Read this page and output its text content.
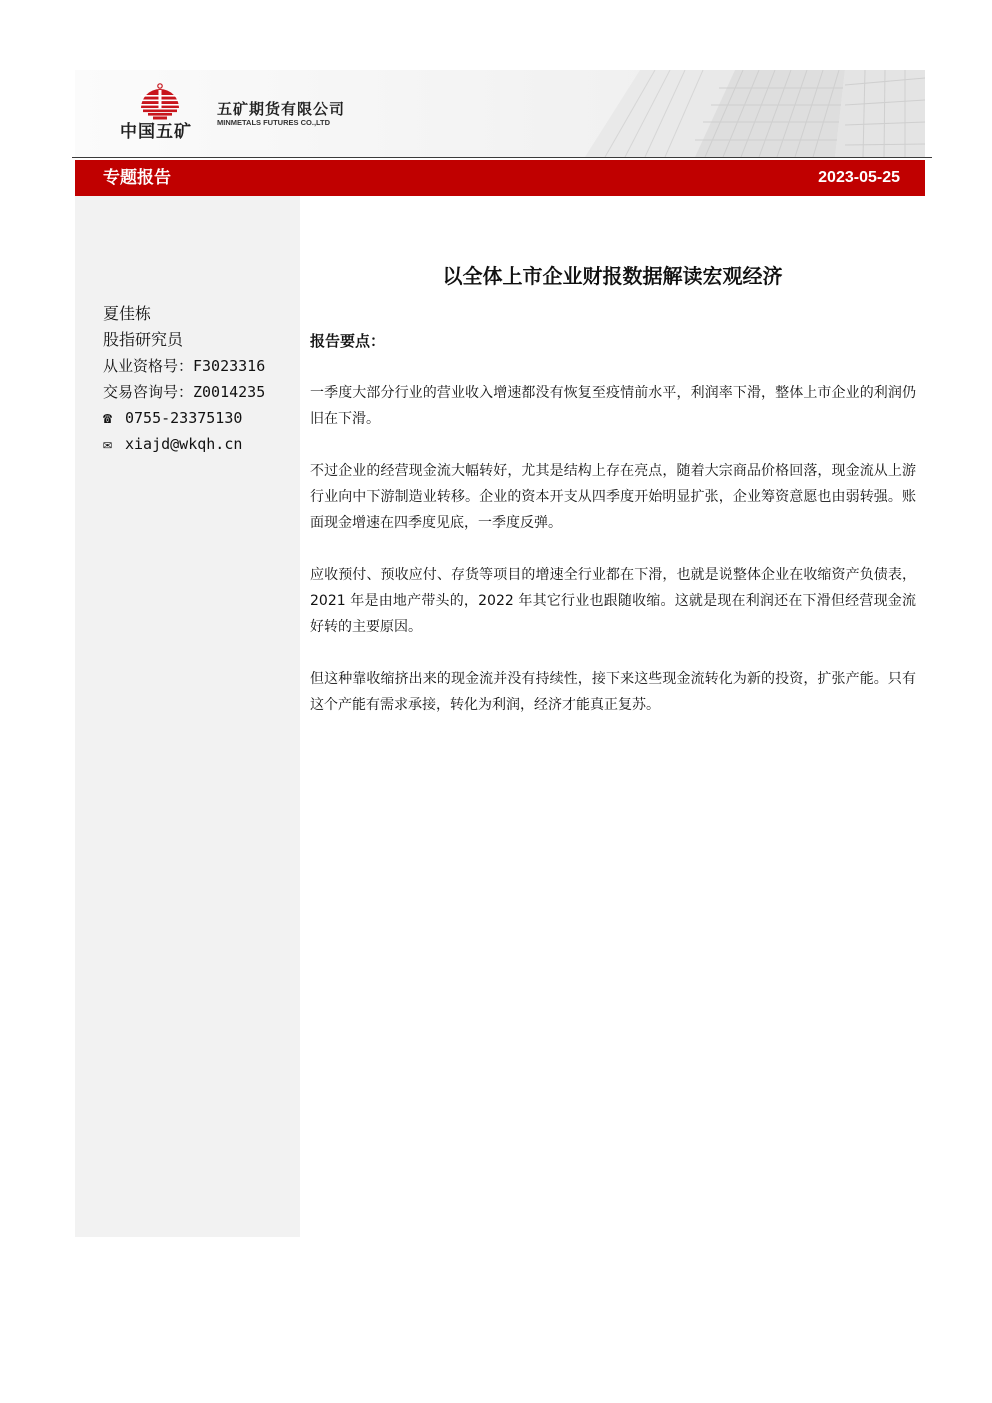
中国五矿
五矿期货有限公司
MINMETALS FUTURES CO.,LTD
专题报告	2023-05-25
夏佳栋
股指研究员
从业资格号：F3023316
交易咨询号：Z0014235
☎ 0755-23375130
✉ xiajd@wkqh.cn
以全体上市企业财报数据解读宏观经济
报告要点：

一季度大部分行业的营业收入增速都没有恢复至疫情前水平，利润率下滑，整体上市企业的利润仍旧在下滑。

不过企业的经营现金流大幅转好，尤其是结构上存在亮点，随着大宗商品价格回落，现金流从上游行业向中下游制造业转移。企业的资本开支从四季度开始明显扩张，企业筹资意愿也由弱转强。账面现金增速在四季度见底，一季度反弹。

应收预付、预收应付、存货等项目的增速全行业都在下滑，也就是说整体企业在收缩资产负债表，2021 年是由地产带头的，2022 年其它行业也跟随收缩。这就是现在利润还在下滑但经营现金流好转的主要原因。

但这种靠收缩挤出来的现金流并没有持续性，接下来这些现金流转化为新的投资，扩张产能。只有这个产能有需求承接，转化为利润，经济才能真正复苏。
